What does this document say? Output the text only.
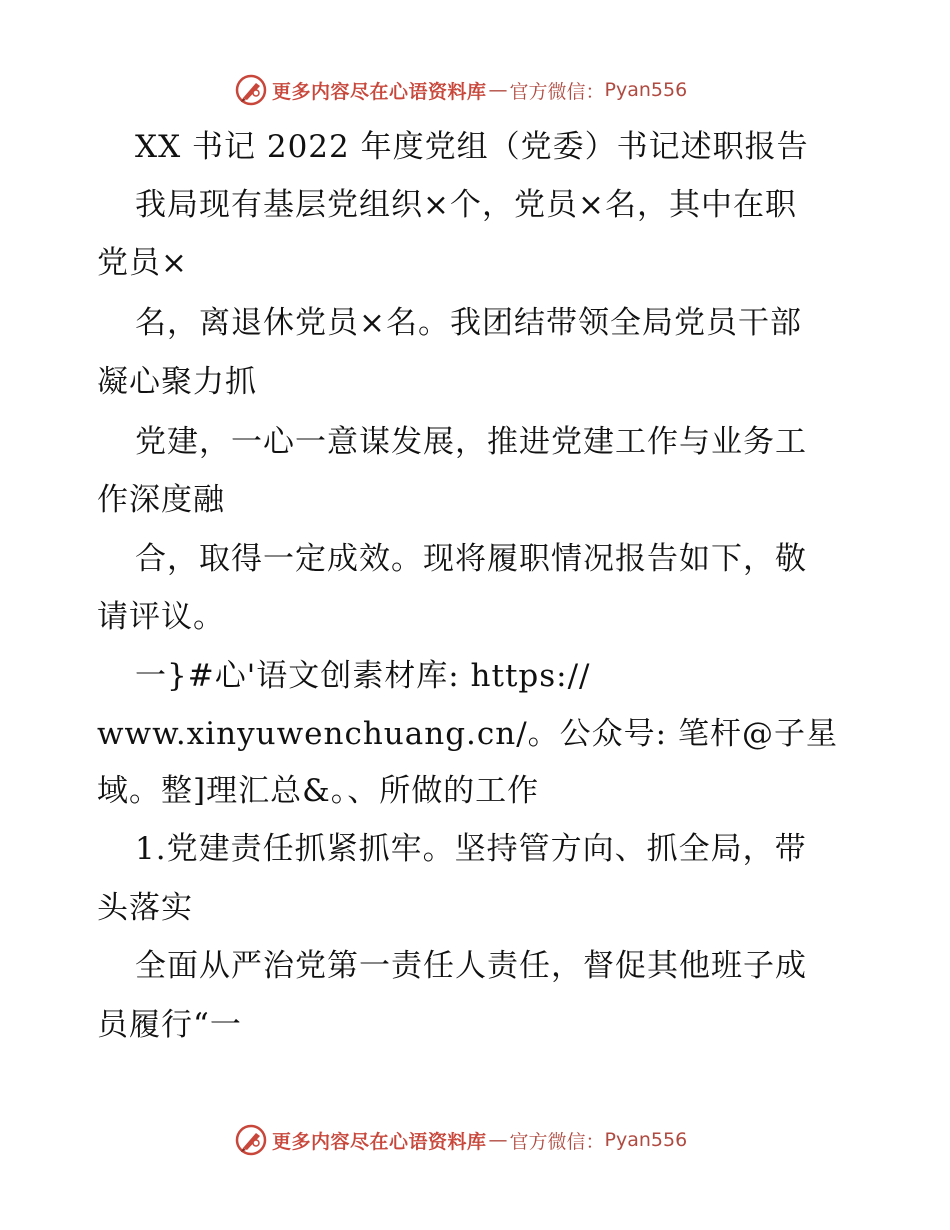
更多内容尽在心语资料库 — 官方微信： Pyan556
XX 书记 2022 年度党组（党委）书记述职报告
我局现有基层党组织×个，党员×名，其中在职
党员×
名，离退休党员×名。我团结带领全局党员干部
凝心聚力抓
党建，一心一意谋发展，推进党建工作与业务工
作深度融
合，取得一定成效。现将履职情况报告如下，敬
请评议。
一}#心'语文创素材库: https://
www.xinyuwenchuang.cn/。公众号: 笔杆@子星
域。整]理汇总&。、所做的工作
1.党建责任抓紧抓牢。坚持管方向、抓全局，带
头落实
全面从严治党第一责任人责任，督促其他班子成
员履行“一
更多内容尽在心语资料库 — 官方微信： Pyan556
